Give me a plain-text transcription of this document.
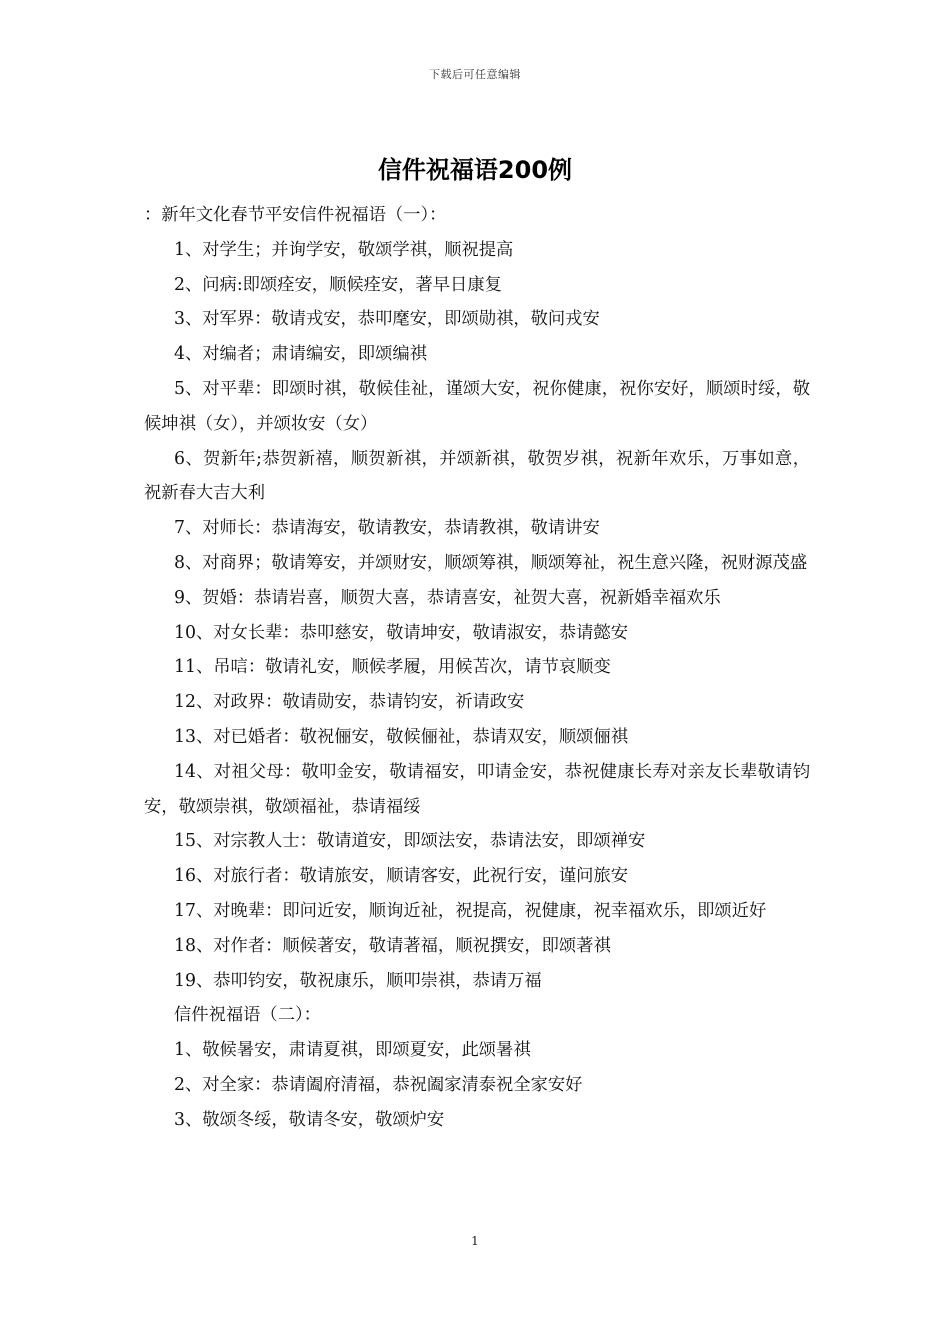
下载后可任意编辑
信件祝福语200例

：新年文化春节平安信件祝福语（一）：

1、对学生；并询学安，敬颂学祺，顺祝提高

2、问病:即颂痊安，顺候痊安，著早日康复

3、对军界：敬请戎安，恭叩麾安，即颂勋祺，敬问戎安

4、对编者；肃请编安，即颂编祺

5、对平辈：即颂时祺，敬候佳祉，谨颂大安，祝你健康，祝你安好，顺颂时绥，敬候坤祺（女），并颂妆安（女）

6、贺新年;恭贺新禧，顺贺新祺，并颂新祺，敬贺岁祺，祝新年欢乐，万事如意，祝新春大吉大利

7、对师长：恭请海安，敬请教安，恭请教祺，敬请讲安

8、对商界；敬请筹安，并颂财安，顺颂筹祺，顺颂筹祉，祝生意兴隆，祝财源茂盛

9、贺婚：恭请岩喜，顺贺大喜，恭请喜安，祉贺大喜，祝新婚幸福欢乐

10、对女长辈：恭叩慈安，敬请坤安，敬请淑安，恭请懿安

11、吊唁：敬请礼安，顺候孝履，用候苫次，请节哀顺变

12、对政界：敬请勋安，恭请钧安，祈请政安

13、对已婚者：敬祝俪安，敬候俪祉，恭请双安，顺颂俪祺

14、对祖父母：敬叩金安，敬请福安，叩请金安，恭祝健康长寿对亲友长辈敬请钧安，敬颂崇祺，敬颂福祉，恭请福绥

15、对宗教人士：敬请道安，即颂法安，恭请法安，即颂禅安

16、对旅行者：敬请旅安，顺请客安，此祝行安，谨问旅安

17、对晚辈：即问近安，顺询近祉，祝提高，祝健康，祝幸福欢乐，即颂近好

18、对作者：顺候著安，敬请著福，顺祝撰安，即颂著祺

19、恭叩钧安，敬祝康乐，顺叩崇祺，恭请万福

信件祝福语（二）：

1、敬候暑安，肃请夏祺，即颂夏安，此颂暑祺

2、对全家：恭请阖府清福，恭祝阖家清泰祝全家安好

3、敬颂冬绥，敬请冬安，敬颂炉安

1
